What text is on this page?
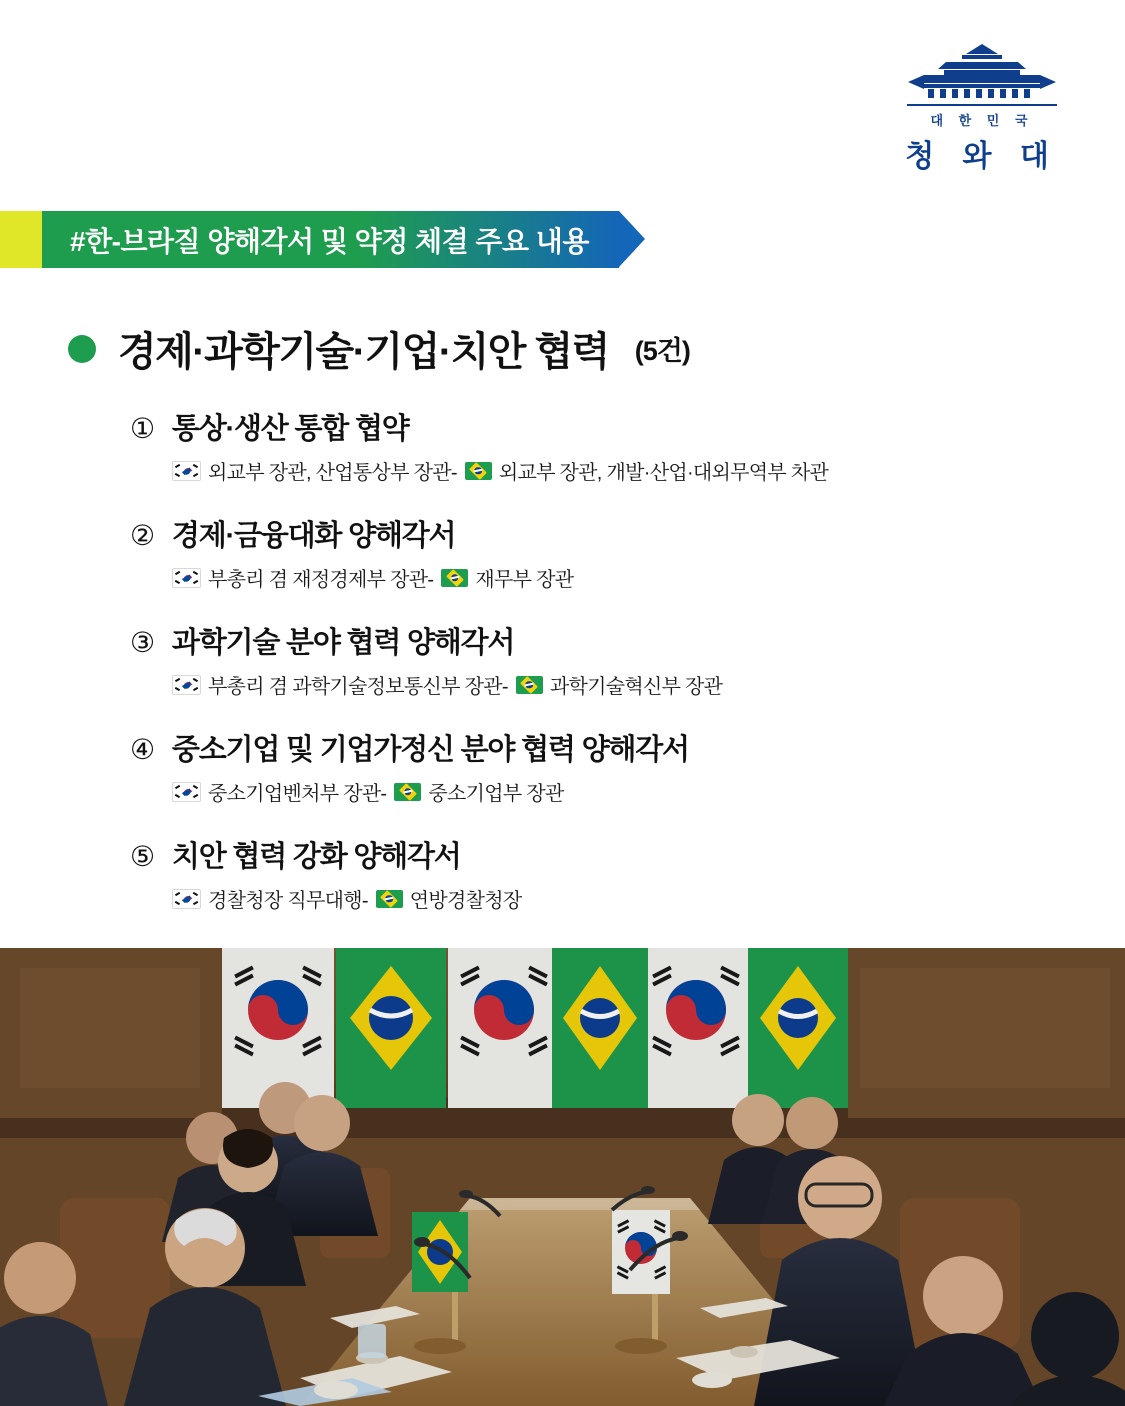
대 한 민 국
청 와 대
#한-브라질 양해각서 및 약정 체결 주요 내용
경제·과학기술·기업·치안 협력 (5건)
① 통상·생산 통합 협약
외교부 장관, 산업통상부 장관- 외교부 장관, 개발·산업·대외무역부 차관
② 경제·금융대화 양해각서
부총리 겸 재정경제부 장관- 재무부 장관
③ 과학기술 분야 협력 양해각서
부총리 겸 과학기술정보통신부 장관- 과학기술혁신부 장관
④ 중소기업 및 기업가정신 분야 협력 양해각서
중소기업벤처부 장관- 중소기업부 장관
⑤ 치안 협력 강화 양해각서
경찰청장 직무대행- 연방경찰청장
